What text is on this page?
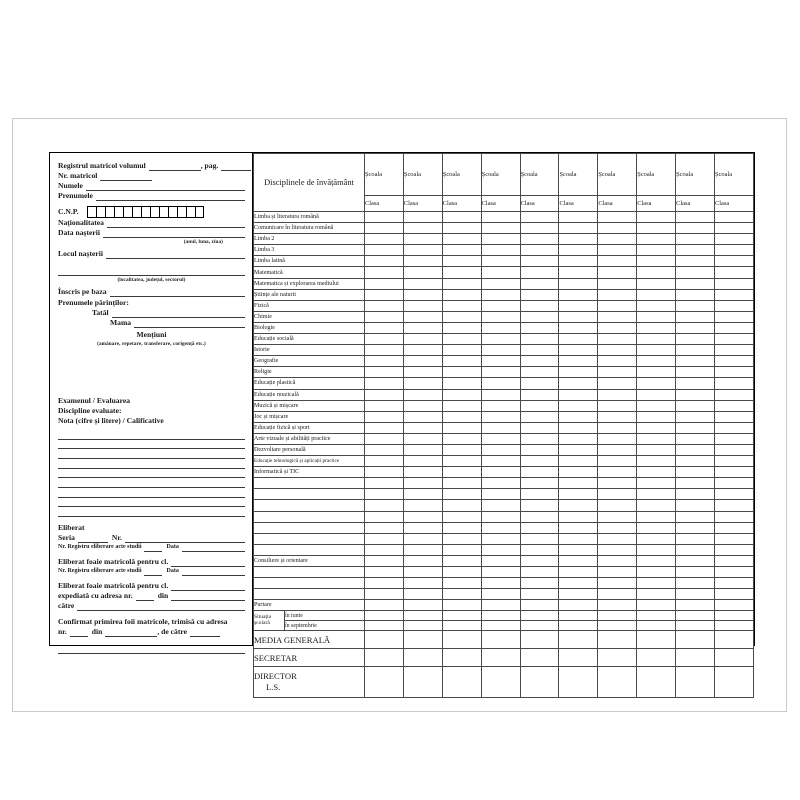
Registrul matricol volumul	, pag.
Nr. matricol
Numele
Prenumele
C.N.P.
Naționalitatea
Data nașterii
(anul, luna, ziua)
Locul nașterii
(localitatea, județul, sectorul)
Înscris pe baza
Prenumele părinților:
Tatăl
Mama
Mențiuni
(amânare, repetare, transferare, corigență etc.)
Examenul / Evaluarea
Discipline evaluate:
Nota (cifre și litere) / Calificative
Eliberat
Seria	Nr.
Nr. Registru eliberare acte studii	Data
Eliberat foaie matricolă pentru cl.
Nr. Registru eliberare acte studii	Data
Eliberat foaie matricolă pentru cl.
expediată cu adresa nr.	din
către
Confirmat primirea foii matricole, trimisă cu adresa
nr.	din	, de către
Disciplinele de învățământ	Școala	Școala	Școala	Școala	Școala	Școala	Școala	Școala	Școala	Școala
Clasa	Clasa	Clasa	Clasa	Clasa	Clasa	Clasa	Clasa	Clasa	Clasa
Limba și literatura română										
Comunicare în literatura română										
Limba 2										
Limba 3										
Limba latină										
Matematică										
Matematica și explorarea mediului										
Științe ale naturii										
Fizică										
Chimie										
Biologie										
Educație socială										
Istorie										
Geografie										
Religie										
Educație plastică										
Educație muzicală										
Muzică și mișcare										
Joc și mișcare										
Educație fizică și sport										
Arte vizuale și abilități practice										
Dezvoltare personală										
Educație tehnologică și aplicații practice										
Informatică și TIC										

Consiliere și orientare										

Purtare										

Situația
școlară
	în iunie
în septembrie

MEDIA GENERALĂ										
SECRETAR										

DIRECTOR
L.S.
